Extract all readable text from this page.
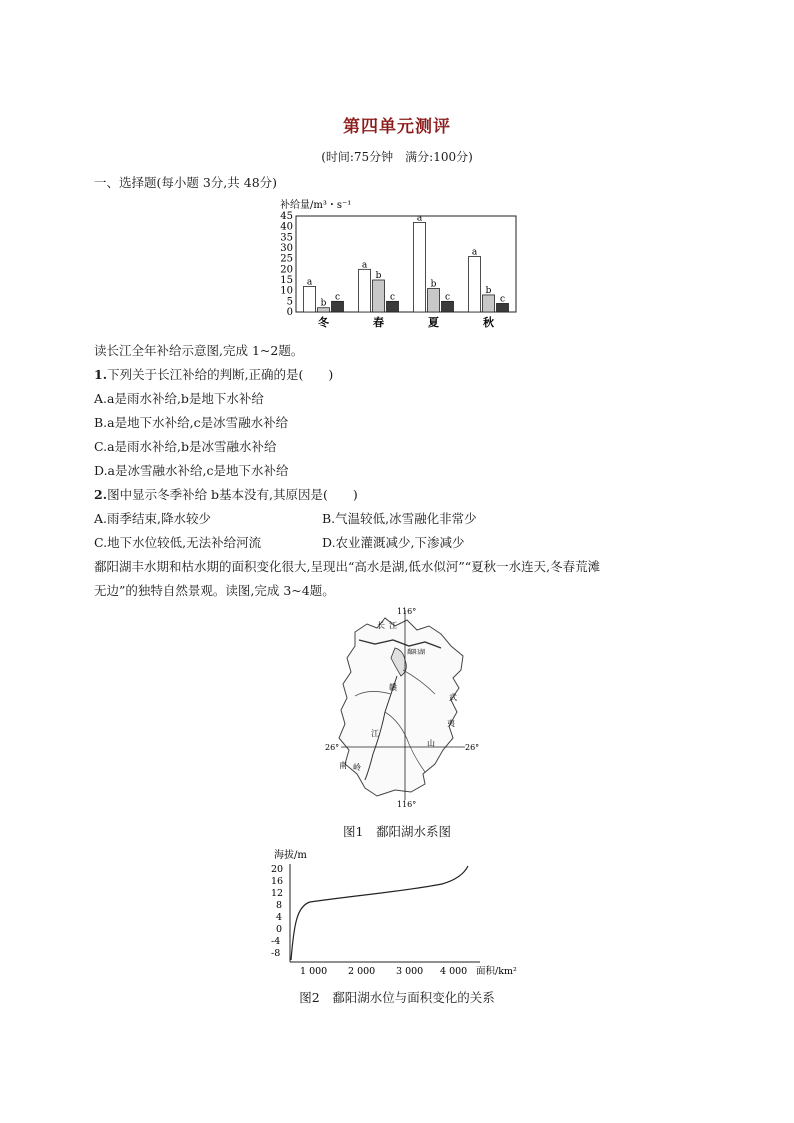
第四单元测评
(时间:75分钟　满分:100分)
一、选择题(每小题 3分,共 48分)
补给量/m³・s⁻¹
45
40
35
30
25
20
15
10
5
0
a
b
c
a
b
c
a
b
c
a
b
c
冬	春	夏	秋
读长江全年补给示意图,完成 1~2题。
1.下列关于长江补给的判断,正确的是(　　)
A.a是雨水补给,b是地下水补给
B.a是地下水补给,c是冰雪融水补给
C.a是雨水补给,b是冰雪融水补给
D.a是冰雪融水补给,c是地下水补给
2.图中显示冬季补给 b基本没有,其原因是(　　)
A.雨季结束,降水较少	B.气温较低,冰雪融化非常少
C.地下水位较低,无法补给河流	D.农业灌溉减少,下渗减少
鄱阳湖丰水期和枯水期的面积变化很大,呈现出“高水是湖,低水似河”“夏秋一水连天,冬春荒滩
无边”的独特自然景观。读图,完成 3~4题。
116°
116°
26°	26°
长 江
鄱阳湖
赣
江
武
夷
山
南 岭
图1　鄱阳湖水系图
海拔/m
20
16
12
8
4
0
-4
-8
1 000 2 000 3 000 4 000 面积/km²
图2　鄱阳湖水位与面积变化的关系
